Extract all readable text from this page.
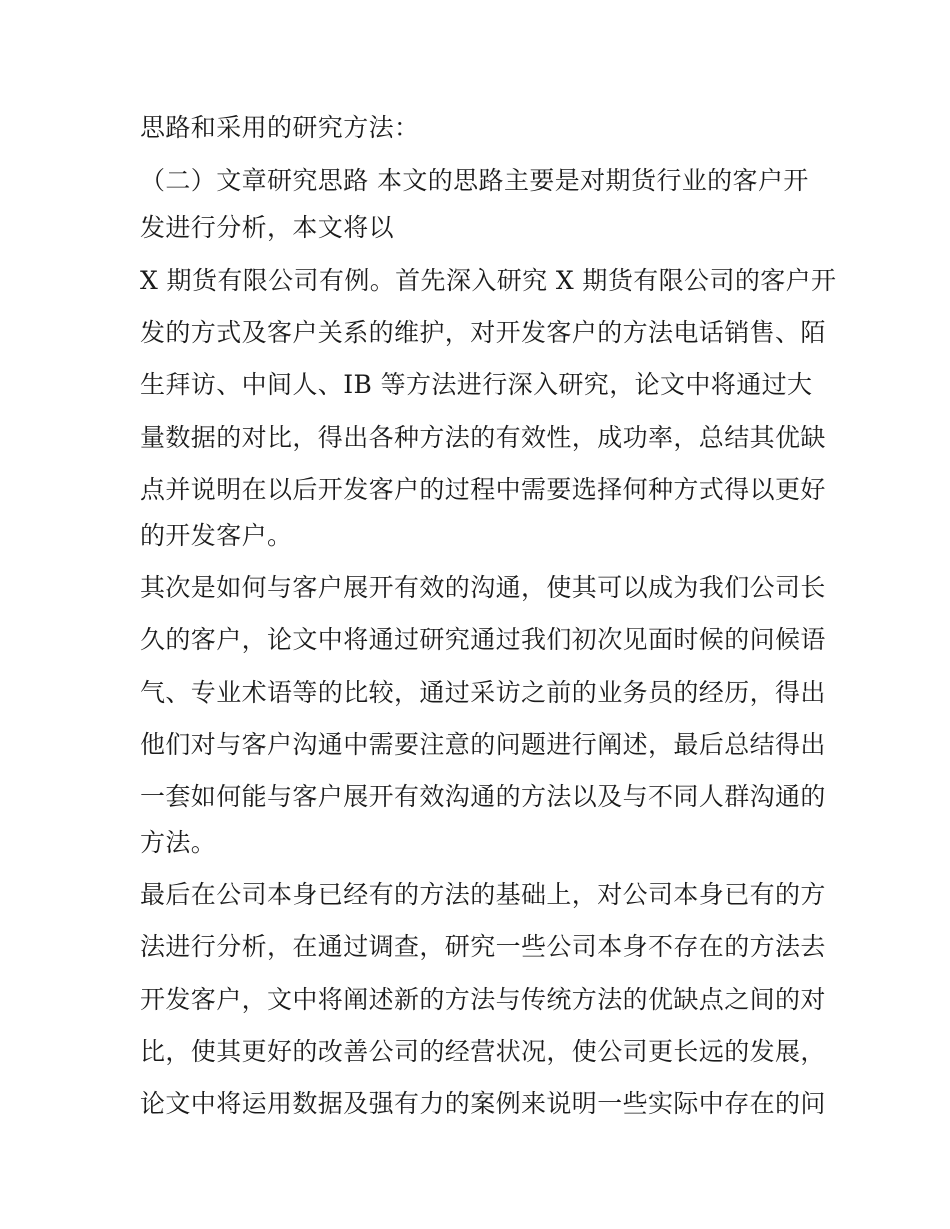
思路和采用的研究方法：

（二）文章研究思路 本文的思路主要是对期货行业的客户开

发进行分析，本文将以

X 期货有限公司有例。首先深入研究 X 期货有限公司的客户开

发的方式及客户关系的维护，对开发客户的方法电话销售、陌

生拜访、中间人、IB 等方法进行深入研究，论文中将通过大

量数据的对比，得出各种方法的有效性，成功率，总结其优缺

点并说明在以后开发客户的过程中需要选择何种方式得以更好

的开发客户。

其次是如何与客户展开有效的沟通，使其可以成为我们公司长

久的客户，论文中将通过研究通过我们初次见面时候的问候语

气、专业术语等的比较，通过采访之前的业务员的经历，得出

他们对与客户沟通中需要注意的问题进行阐述，最后总结得出

一套如何能与客户展开有效沟通的方法以及与不同人群沟通的

方法。

最后在公司本身已经有的方法的基础上，对公司本身已有的方

法进行分析，在通过调查，研究一些公司本身不存在的方法去

开发客户，文中将阐述新的方法与传统方法的优缺点之间的对

比，使其更好的改善公司的经营状况，使公司更长远的发展，

论文中将运用数据及强有力的案例来说明一些实际中存在的问
